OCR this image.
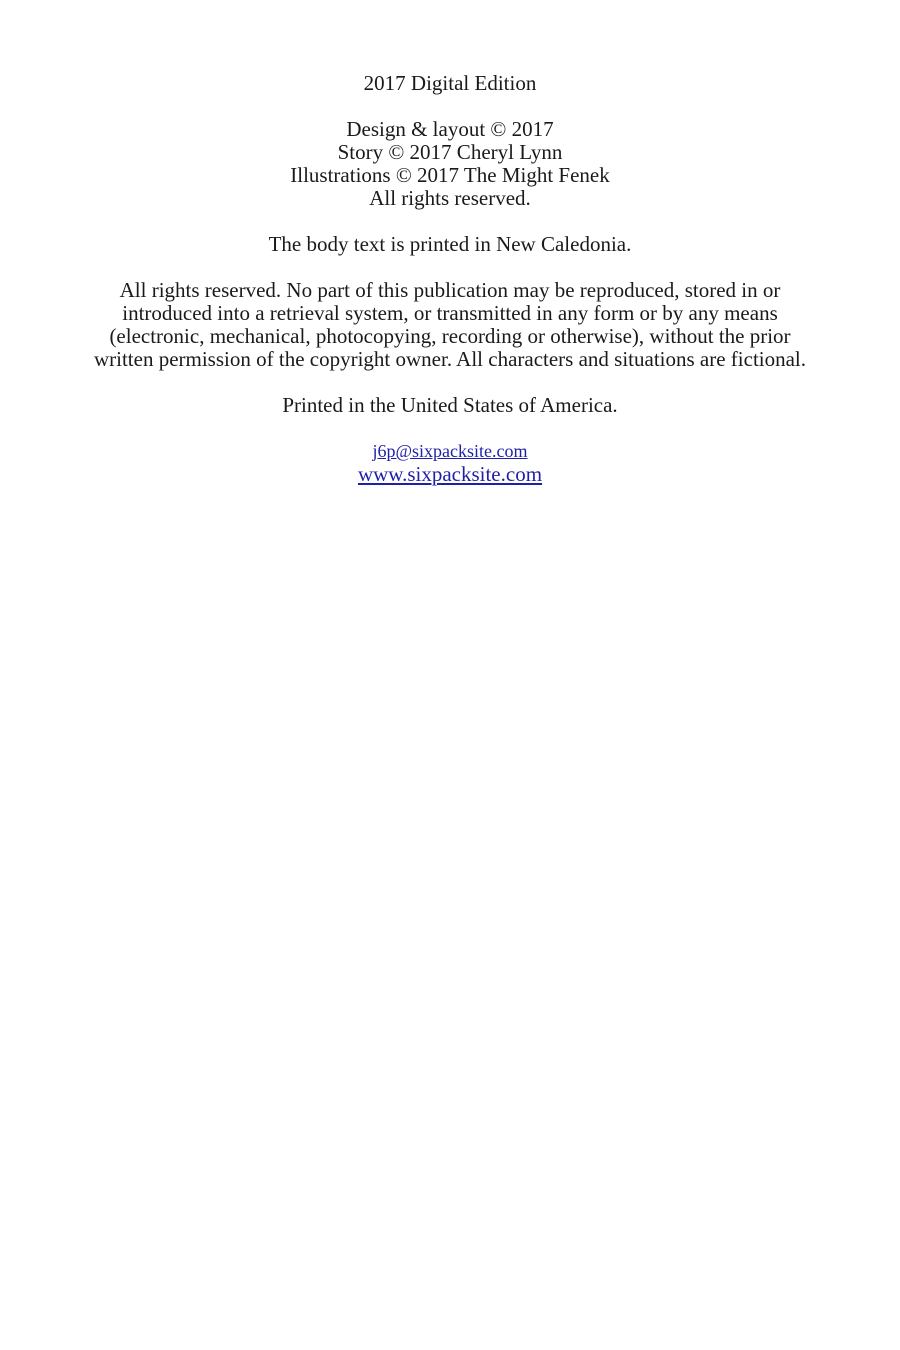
2017 Digital Edition
Design & layout © 2017
Story © 2017 Cheryl Lynn
Illustrations © 2017 The Might Fenek
All rights reserved.
The body text is printed in New Caledonia.
All rights reserved. No part of this publication may be reproduced, stored in or
introduced into a retrieval system, or transmitted in any form or by any means
(electronic, mechanical, photocopying, recording or otherwise), without the prior
written permission of the copyright owner. All characters and situations are fictional.
Printed in the United States of America.
j6p@sixpacksite.com
www.sixpacksite.com
